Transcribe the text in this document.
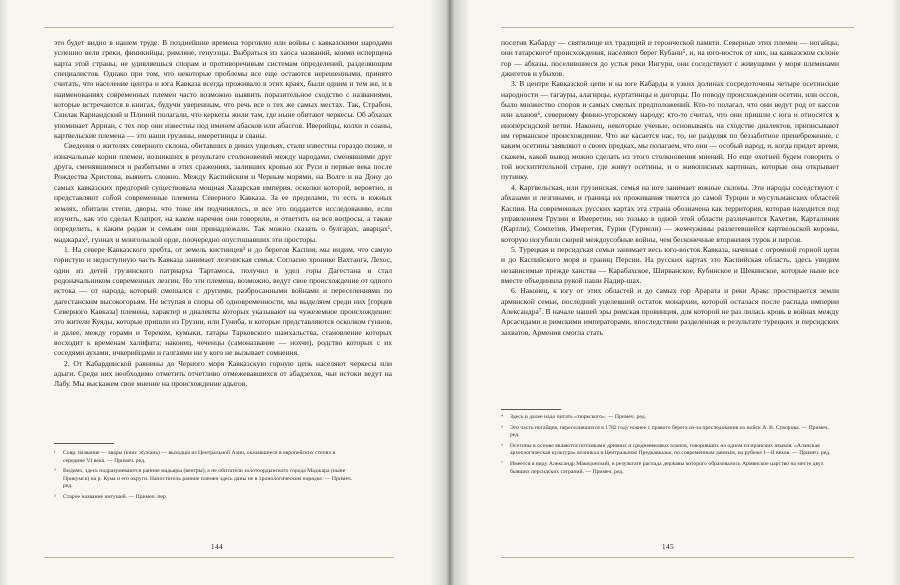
это будет видно в нашем труде. В позднейшие времена торговлю или войны с кавказскими народами успешно вели греки, финикийцы, римляне, генуэзцы. Выбраться из хаоса названий, коими исперщена карта этой страны, не удивляешься спорам и противоречивым системам определений, разделяющим специалистов. Однако при том, что некоторые проблемы все еще остаются нерешенными, принято считать, что население центра и юга Кавказа всегда проживало в этих краях, были одним и тем же, и в наименованиях современных племен часто возможно выявить поразительное сходство с названиями, которые встречаются в книгах, будучи уверенным, что речь все о тех же самых местах. Так, Страбон, Скилак Кариандский и Плиний полагали, что керкеты жили там, где ныне обитают черкесы. Об абхазах упоминает Арриан, с тех пор они известны под именем абасков или абасгов. Иверийцы, колхи и соаны, картвельские племена — это наши грузины, имеретинцы и сваны.

Сведения о жителях северного склона, обитавших в диких ущельях, стали известны гораздо позже, и изначальные корни племен, возникших в результате столкновений между народами, сменявшими друг друга, сменявшимися и разбитыми в этих сражениях, заливших кровью юг Руси в первые века после Рождества Христова, выявить сложно. Между Каспийским и Черным морями, на Волге и на Дону до самых кавказских предгорий существовала мощная Хазарская империя, осколки которой, вероятно, и представляют собой современные племена Северного Кавказа. За ее пределами, то есть в южных землях, обитали степи, дворы, что тоже им подчинялось, и все это поддается исследованию, если изучить, как это сделал Клапрот, на каком наречии они говорили, и ответить на все вопросы, а также определить, к каким родам и семьям они принадлежали. Так можно сказать о булгарах, аварцах¹, маджарах², гуннах и монгольской орде, поочередно опустошавших эти просторы.

1. На севере Кавказского хребта, от земель кистинцев³ и до берегов Каспия, мы видим, что самую гористую и недоступную часть Кавказа занимает лезгинская семья. Согласно хронике Вахтанга, Лехос, один из детей грузинского патриарха Тартамоса, получил в удел горы Дагестана и стал родоначальником современных лезгин. Но эти племена, возможно, ведут свое происхождение от одного истока — от народа, который смешался с другими, разбросанными войнами и переселениями по дагестанским высокогорьям. Не вступая в споры об одновременности, мы выделяем среди них [горцев Северного Кавказа] племена, характер и диалекты которых указывают на чужеземное происхождение: это жители Куяды, которые пришли из Грузии, или Гуниба, и которые представляются осколком гуннов, и далее, между горами и Тереком, кумыки, татары Тарковского шамхальства, становление которых восходит к временам халифата; наконец, чеченцы (самоназвание — нохчи), родство которых с их соседями аухами, ичкерийцами и галгаями ни у кого не вызывает сомнения.

2. От Кабардинской равнины до Черного моря Кавказскую горную цепь населяют черкесы или адыги. Среди них необходимо отметить отчетливо отмежевавшихся от абадзехов, чьи истоки ведут на Лабу. Мы выскажем свое мнение на происхождение адыгов,

¹ Совр. название — авары (книг. жужань) — выходцы из Центральной Азии, оказавшиеся в европейских степях в середине VI века. — Примеч. ред.

² Видимо, здесь подразумеваются ранние мадьяры (венгры), а не обитатели золотоордынского города Маджара (ныне Прикумск) на р. Кума и его округи. Напоститель ранние племен здесь даны не в хронологическом порядке. — Примеч. ред.

³ Старое название ингушей. — Примеч. пер.

144

посетив Кабарду — святилище их традиций и героической памяти. Северные этих племен — ногайцы, они татарского⁴ происхождения, населяют берег Кубани⁵, и, на юго-восток от них, на кавказском склоне гор — абхазы, поселившиеся до устья реки Ингури, они соседствуют с живущими у моря племенами джигетов и убыхов.

3. В центре Кавказской цепи и на юге Кабарды в узких долинах сосредоточены четыре осетинские народности — тагауры, алагирцы, куртатинцы и дигорцы. По поводу происхождения осетин, или оссов, было множество споров и самых смелых предположений. Кто-то полагал, что они ведут род от кассов или аланов⁶, северному финно-угорскому народу; кто-то считал, что они пришли с юга и относятся к иноперсидской ветви. Наконец, некоторые ученые, основываясь на сходстве диалектов, приписывают им германское происхождение. Что же касается нас, то, не разделяя по беззаботное пренебрежение, с каким осетины заявляют о своих предках, мы полагаем, что они — особый народ, и, когда придет время, скажем, какой вывод можно сделать из этого столкновения мнений. Но еще охотней будем говорить о той восхитительной стране, где живут осетины, и о живописных картинах, которые она открывает путнику.

4. Картвельская, или грузинская, семья на юге занимает южные склоны. Эти народы соседствуют с абхазами и лезгинами, и граница их проживания тянется до самой Турции и мусульманских областей Каспия. На современных русских картах эта страна обозначена как территория, которая находится под управлением Грузии и Имеретии, но только в одной этой области различаются Кахетия, Карталиния (Картли), Сомхетия, Имеретия, Гурия (Гуриели) — жемчужины разлетевшейся картвельской короны, которую погубили скорей междоусобные войны, чем бесконечные вторжения турок и персов.

5. Турецкая и персидская семьи занимает весь юго-восток Кавказа, начиная с огромной горной цепи и до Каспийского моря и границ Персии. На русских картах это Каспийская область, здесь увидим независимые прежде ханства — Карабахское, Ширванское, Кубинское и Шекинское, которые ныне все вместе объединила рукой паши Надир-шах.

6. Наконец, к югу от этих областей и до самых гор Арарата и реки Аракс простирается земли армянской семьи, последний уцелевший остаток монархии, которой осталася после распада империи Александра⁷. В начале нашей эры римская провинция, для которой не раз лилась кровь в войнах между Арсасидами и римскими императорами, впоследствии разделенная в результате турецких и персидских захватов, Армения смогла стать

⁴ Здесь и далее надо читать «тюркского». — Примеч. ред.

⁵ Это часть ногайцев, переселившихся в 1782 году южнее с правого берега из-за преследования их войск А. В. Суворова. — Примеч. ред.

⁶ Осетины в основе являются потомками древних и средневековых аланов, говоривших на одном из иранских языков. «Аланская археологическая культура» возникла в Центральном Предкавказье, по современным данным, на рубеже I—II веков. — Примеч. ред.

⁷ Имеется в виду Александр Македонский, в результате распада державы которого образовалось Армянское царство на месте двух бывших персидских сатрапий. — Примеч. ред.

145
